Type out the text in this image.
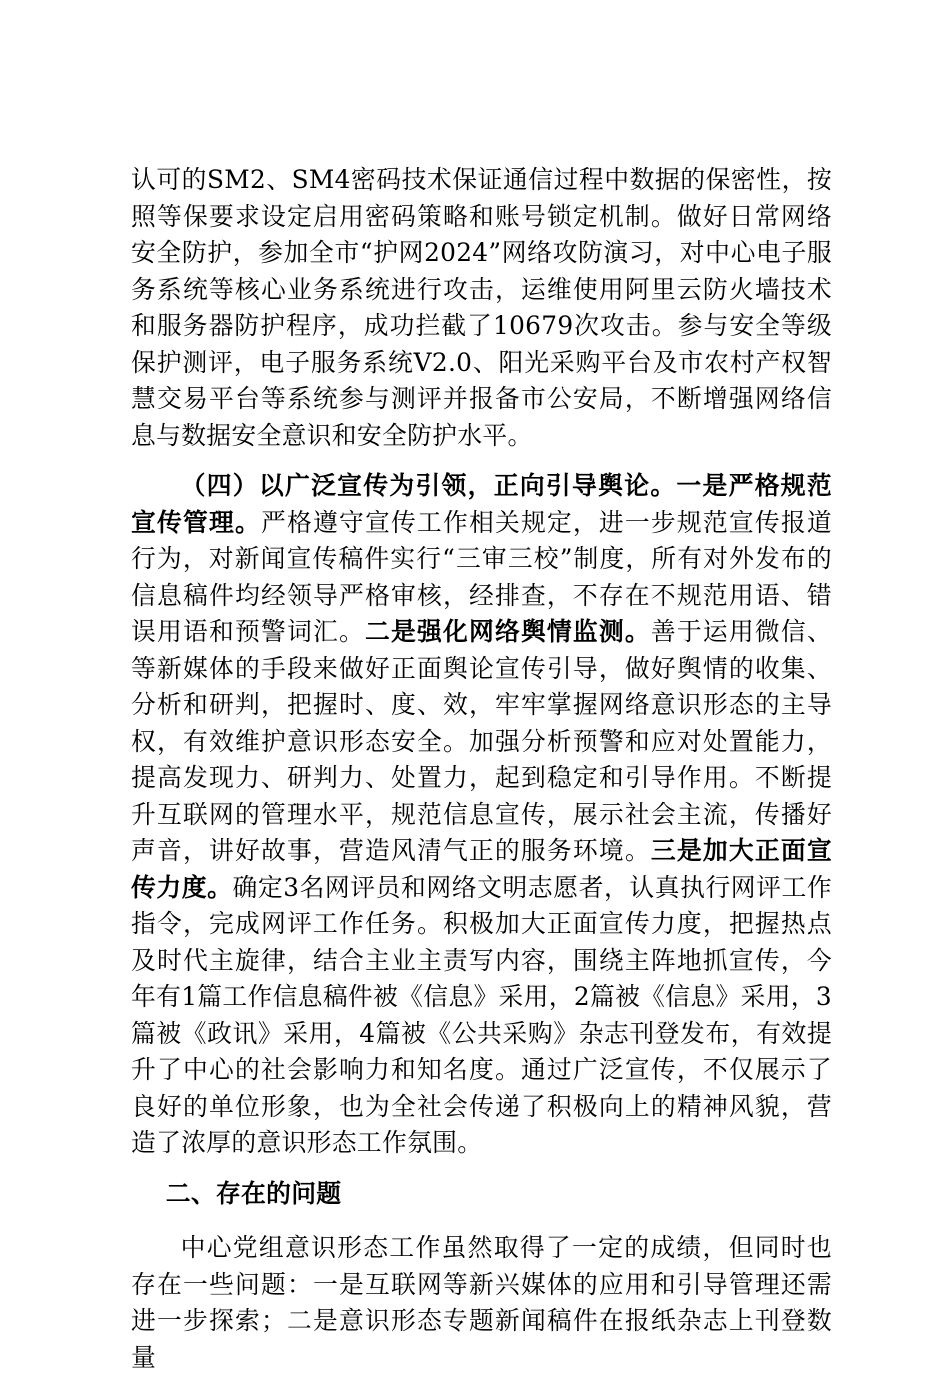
认可的SM2、SM4密码技术保证通信过程中数据的保密性，按照等保要求设定启用密码策略和账号锁定机制。做好日常网络安全防护，参加全市“护网2024”网络攻防演习，对中心电子服务系统等核心业务系统进行攻击，运维使用阿里云防火墙技术和服务器防护程序，成功拦截了10679次攻击。参与安全等级保护测评，电子服务系统V2.0、阳光采购平台及市农村产权智慧交易平台等系统参与测评并报备市公安局，不断增强网络信息与数据安全意识和安全防护水平。

（四）以广泛宣传为引领，正向引导舆论。一是严格规范宣传管理。严格遵守宣传工作相关规定，进一步规范宣传报道行为，对新闻宣传稿件实行“三审三校”制度，所有对外发布的信息稿件均经领导严格审核，经排查，不存在不规范用语、错误用语和预警词汇。二是强化网络舆情监测。善于运用微信、等新媒体的手段来做好正面舆论宣传引导，做好舆情的收集、分析和研判，把握时、度、效，牢牢掌握网络意识形态的主导权，有效维护意识形态安全。加强分析预警和应对处置能力，提高发现力、研判力、处置力，起到稳定和引导作用。不断提升互联网的管理水平，规范信息宣传，展示社会主流，传播好声音，讲好故事，营造风清气正的服务环境。三是加大正面宣传力度。确定3名网评员和网络文明志愿者，认真执行网评工作指令，完成网评工作任务。积极加大正面宣传力度，把握热点及时代主旋律，结合主业主责写内容，围绕主阵地抓宣传，今年有1篇工作信息稿件被《信息》采用，2篇被《信息》采用，3篇被《政讯》采用，4篇被《公共采购》杂志刊登发布，有效提升了中心的社会影响力和知名度。通过广泛宣传，不仅展示了良好的单位形象，也为全社会传递了积极向上的精神风貌，营造了浓厚的意识形态工作氛围。

二、存在的问题

中心党组意识形态工作虽然取得了一定的成绩，但同时也存在一些问题：一是互联网等新兴媒体的应用和引导管理还需进一步探索；二是意识形态专题新闻稿件在报纸杂志上刊登数量
